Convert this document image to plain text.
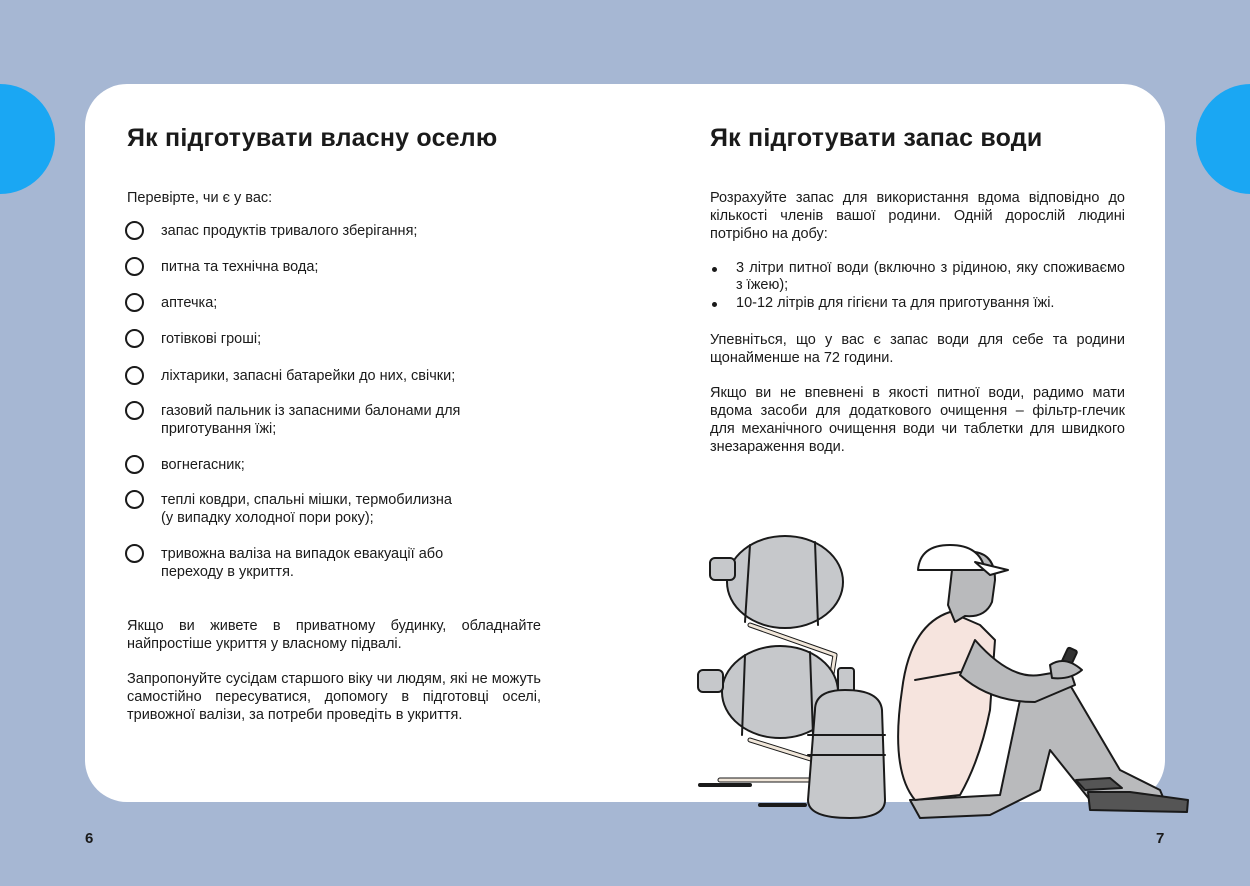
Як підготувати власну оселю
Перевірте, чи є у вас:
запас продуктів тривалого зберігання;
питна та технічна вода;
аптечка;
готівкові гроші;
ліхтарики, запасні батарейки до них, свічки;
газовий пальник із запасними балонами для
приготування їжі;
вогнегасник;
теплі ковдри, спальні мішки, термобилизна
(у випадку холодної пори року);
тривожна валіза на випадок евакуації або
переходу в укриття.
Якщо ви живете в приватному будинку, обладнайте найпростіше укриття у власному підвалі.
Запропонуйте сусідам старшого віку чи людям, які не можуть самостійно пересуватися, допомогу в підготовці оселі, тривожної валізи, за потреби проведіть в укриття.
Як підготувати запас води
Розрахуйте запас для використання вдома відповідно до кількості членів вашої родини. Одній дорослій людині потрібно на добу:
3 літри питної води (включно з рідиною, яку споживаємо з їжею);
10-12 літрів для гігієни та для приготування їжі.
Упевніться, що у вас є запас води для себе та родини щонайменше на 72 години.
Якщо ви не впевнені в якості питної води, радимо мати вдома засоби для додаткового очищення – фільтр-глечик для механічного очищення води чи таблетки для швидкого знезараження води.
6	7
